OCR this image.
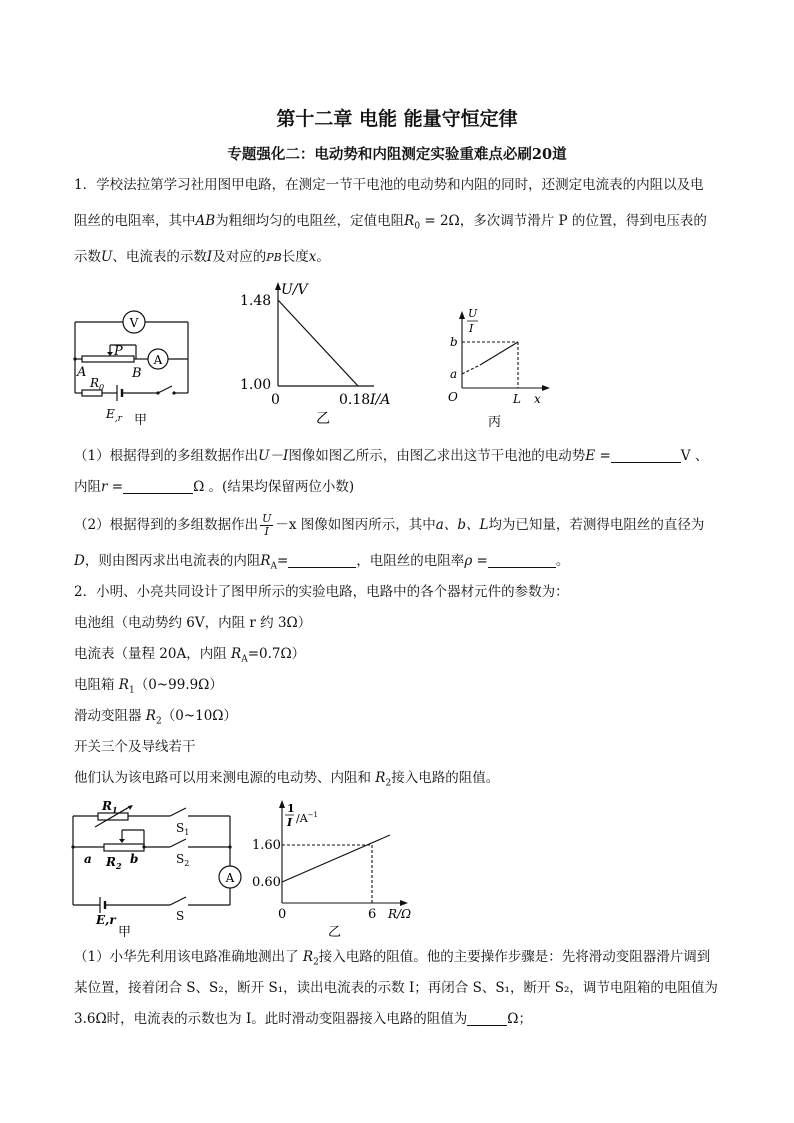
第十二章 电能 能量守恒定律
专题强化二：电动势和内阻测定实验重难点必刷20道
1．学校法拉第学习社用图甲电路，在测定一节干电池的电动势和内阻的同时，还测定电流表的内阻以及电
阻丝的电阻率，其中AB为粗细均匀的电阻丝，定值电阻$R_0 = 2\Omega$，多次调节滑片 P 的位置，得到电压表的
示数U、电流表的示数I及对应的PB长度x。
V
A
P
A	B
$R_0$
$E_{,r}$ 甲
U/V
1.48
1.00
0	0.18 I/A
乙
U
I
b
a
O	L x
丙
（1）根据得到的多组数据作出U－I图像如图乙所示，由图乙求出这节干电池的电动势E =	V 、
内阻r =	Ω 。(结果均保留两位小数)
（2）根据得到的多组数据作出 $\frac{U}{I} -x$ 图像如图丙所示，其中a、b、L均为已知量，若测得电阻丝的直径为
D，则由图丙求出电流表的内阻$R_A=$	，电阻丝的电阻率ρ =	。
2．小明、小亮共同设计了图甲所示的实验电路，电路中的各个器材元件的参数为：
电池组（电动势约 6V，内阻 r 约 3Ω）
电流表（量程 20A，内阻 $R_A=0.7\Omega$）
电阻箱 $R_1(0\sim 99.9\Omega)$
滑动变阻器 $R_2(0\sim 10\Omega)$
开关三个及导线若干
他们认为该电路可以用来测电源的电动势、内阻和 $R_2$接入电路的阻值。
$R_1$
$S_1$
a $R_2$ b	$S_2$
A
E,r	S
甲
1
I $/A^{-1}$
1.60
0.60
0	6 R/Ω
乙
（1）小华先利用该电路准确地测出了 $R_2$接入电路的阻值。他的主要操作步骤是：先将滑动变阻器滑片调到
某位置，接着闭合 S、S₂，断开 S₁，读出电流表的示数 I；再闭合 S、S₁，断开 S₂，调节电阻箱的电阻值为
3.6Ω时，电流表的示数也为 I。此时滑动变阻器接入电路的阻值为	Ω；
